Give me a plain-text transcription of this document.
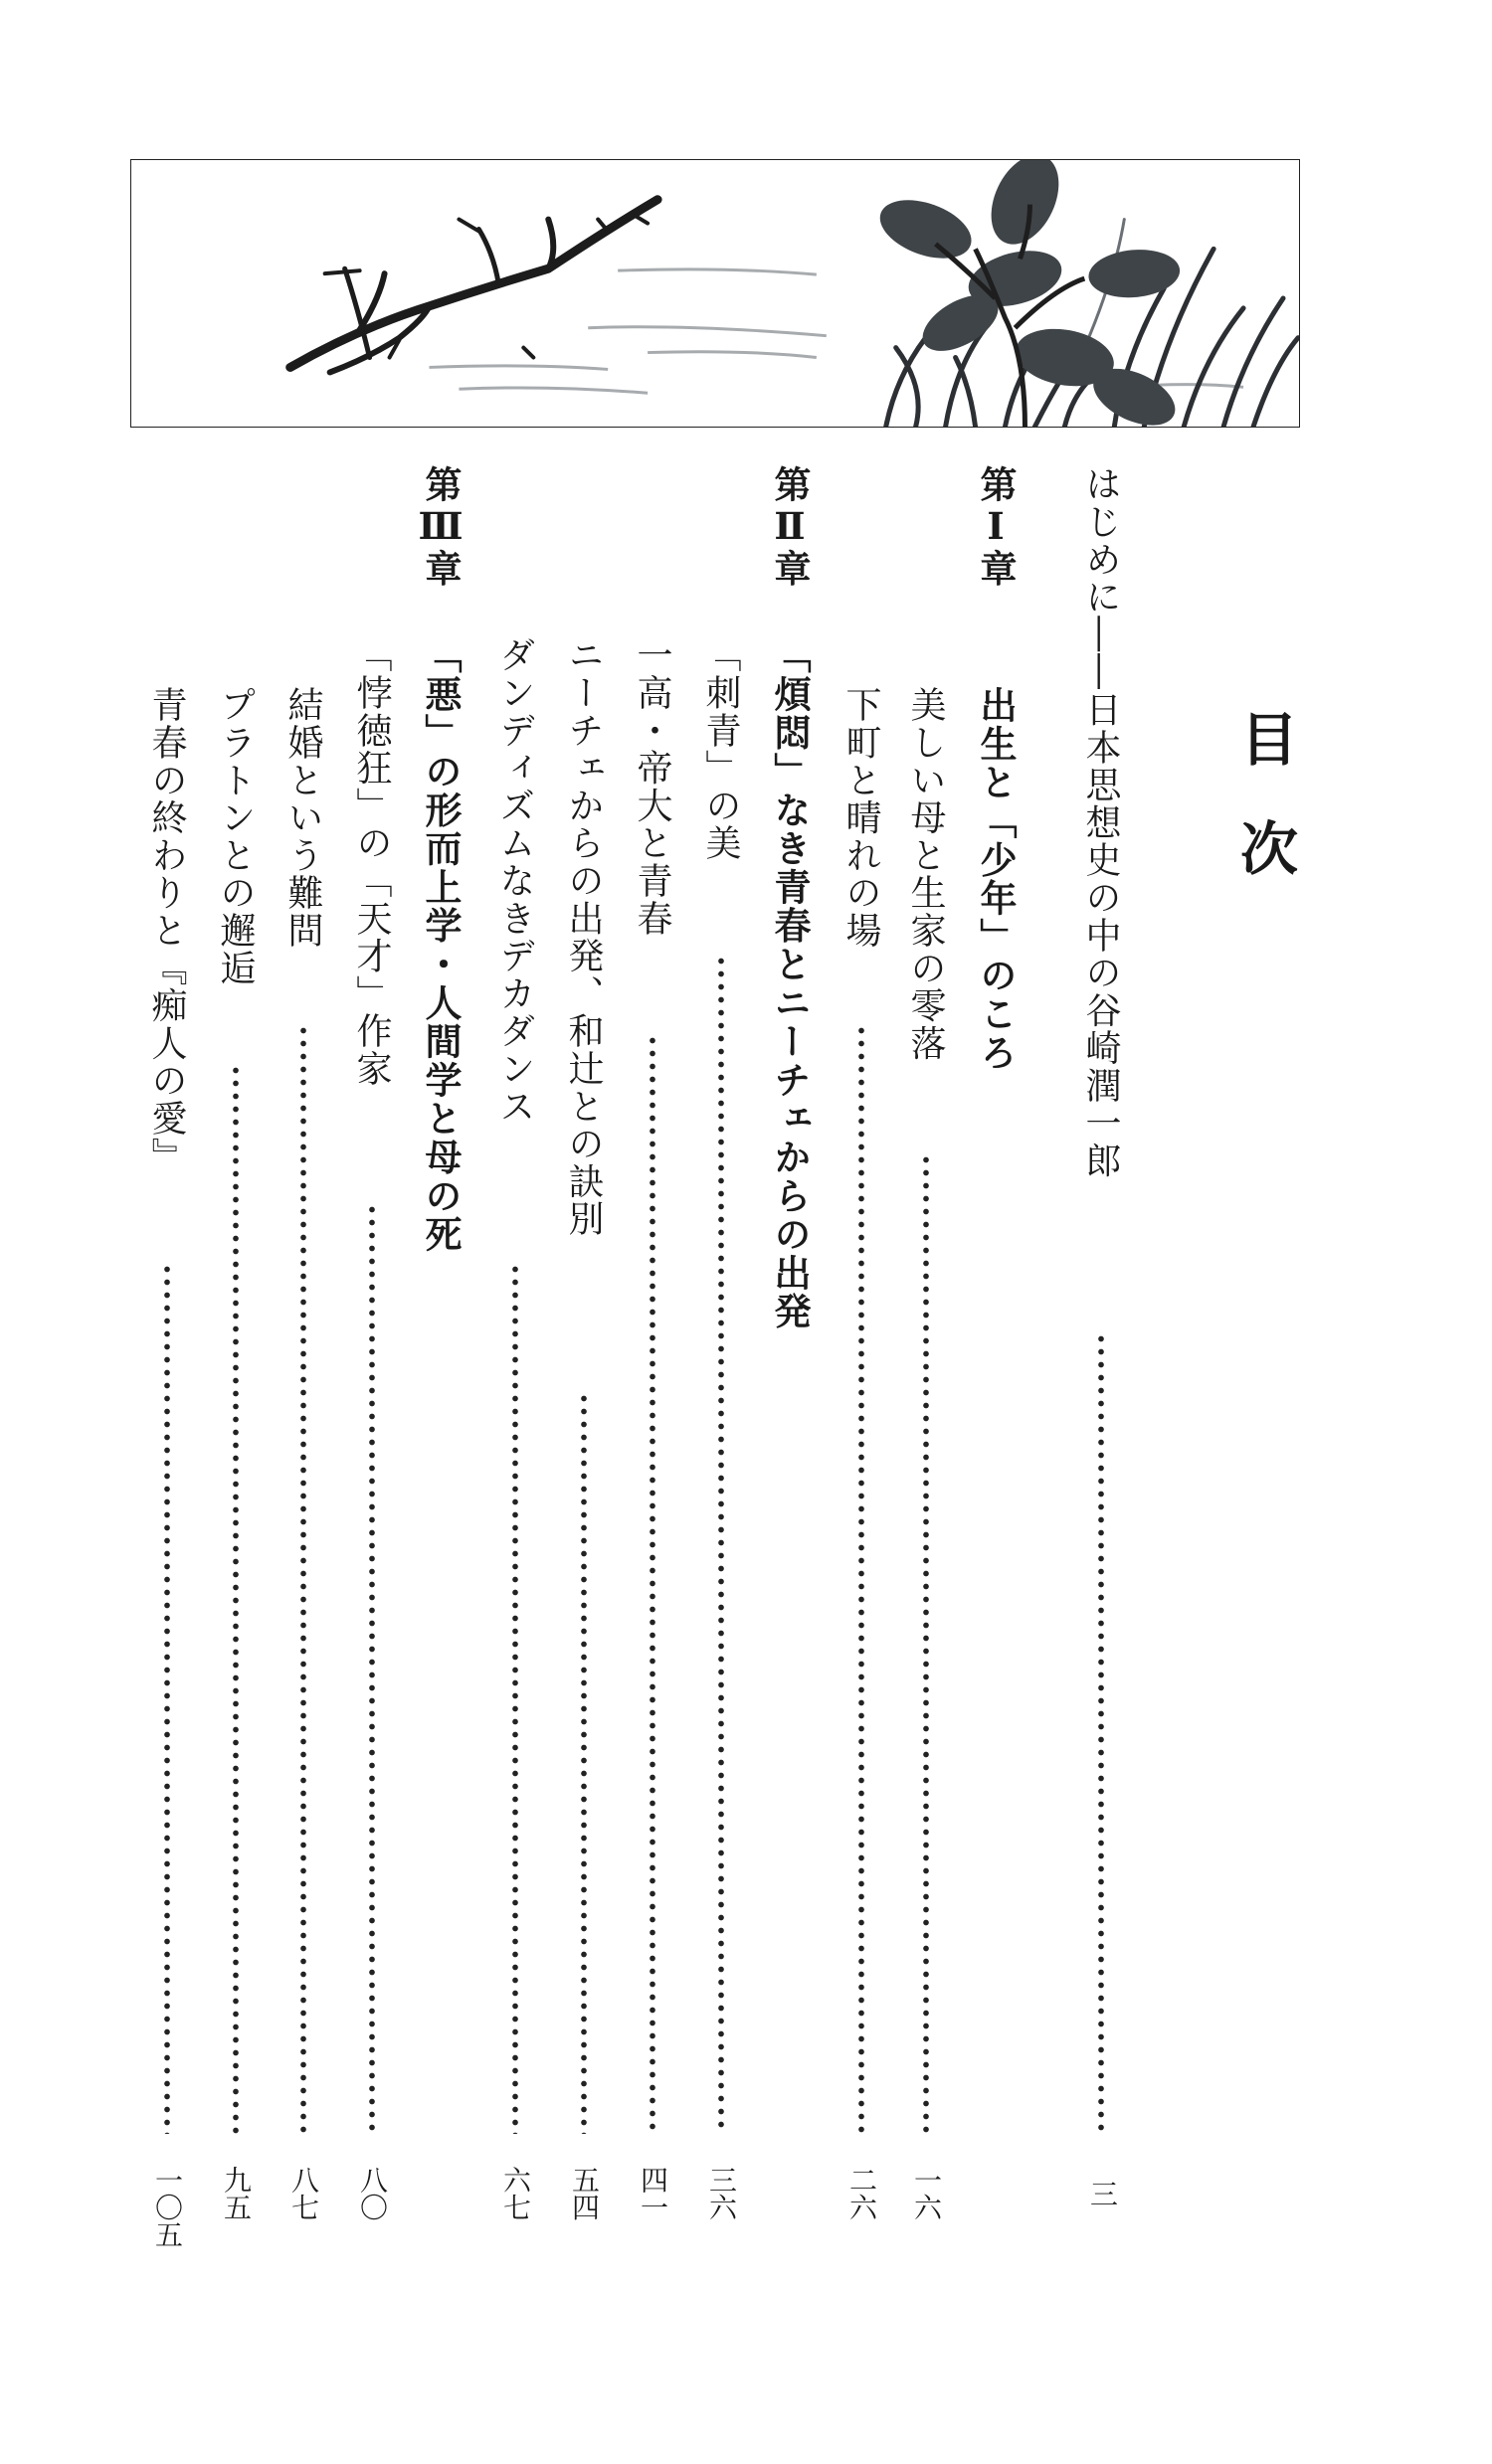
目次
はじめに――日本思想史の中の谷崎潤一郎
三
第Ⅰ章
出生と「少年」のころ
美しい母と生家の零落
一六
下町と晴れの場
二六
第Ⅱ章
「煩悶」なき青春とニーチェからの出発
「刺青」の美
三六
一高・帝大と青春
四一
ニーチェからの出発、和辻との訣別
五四
ダンディズムなきデカダンス
六七
第Ⅲ章
「悪」の形而上学・人間学と母の死
「悖徳狂」の「天才」作家
八〇
結婚という難問
八七
プラトンとの邂逅
九五
青春の終わりと『痴人の愛』
一〇五
